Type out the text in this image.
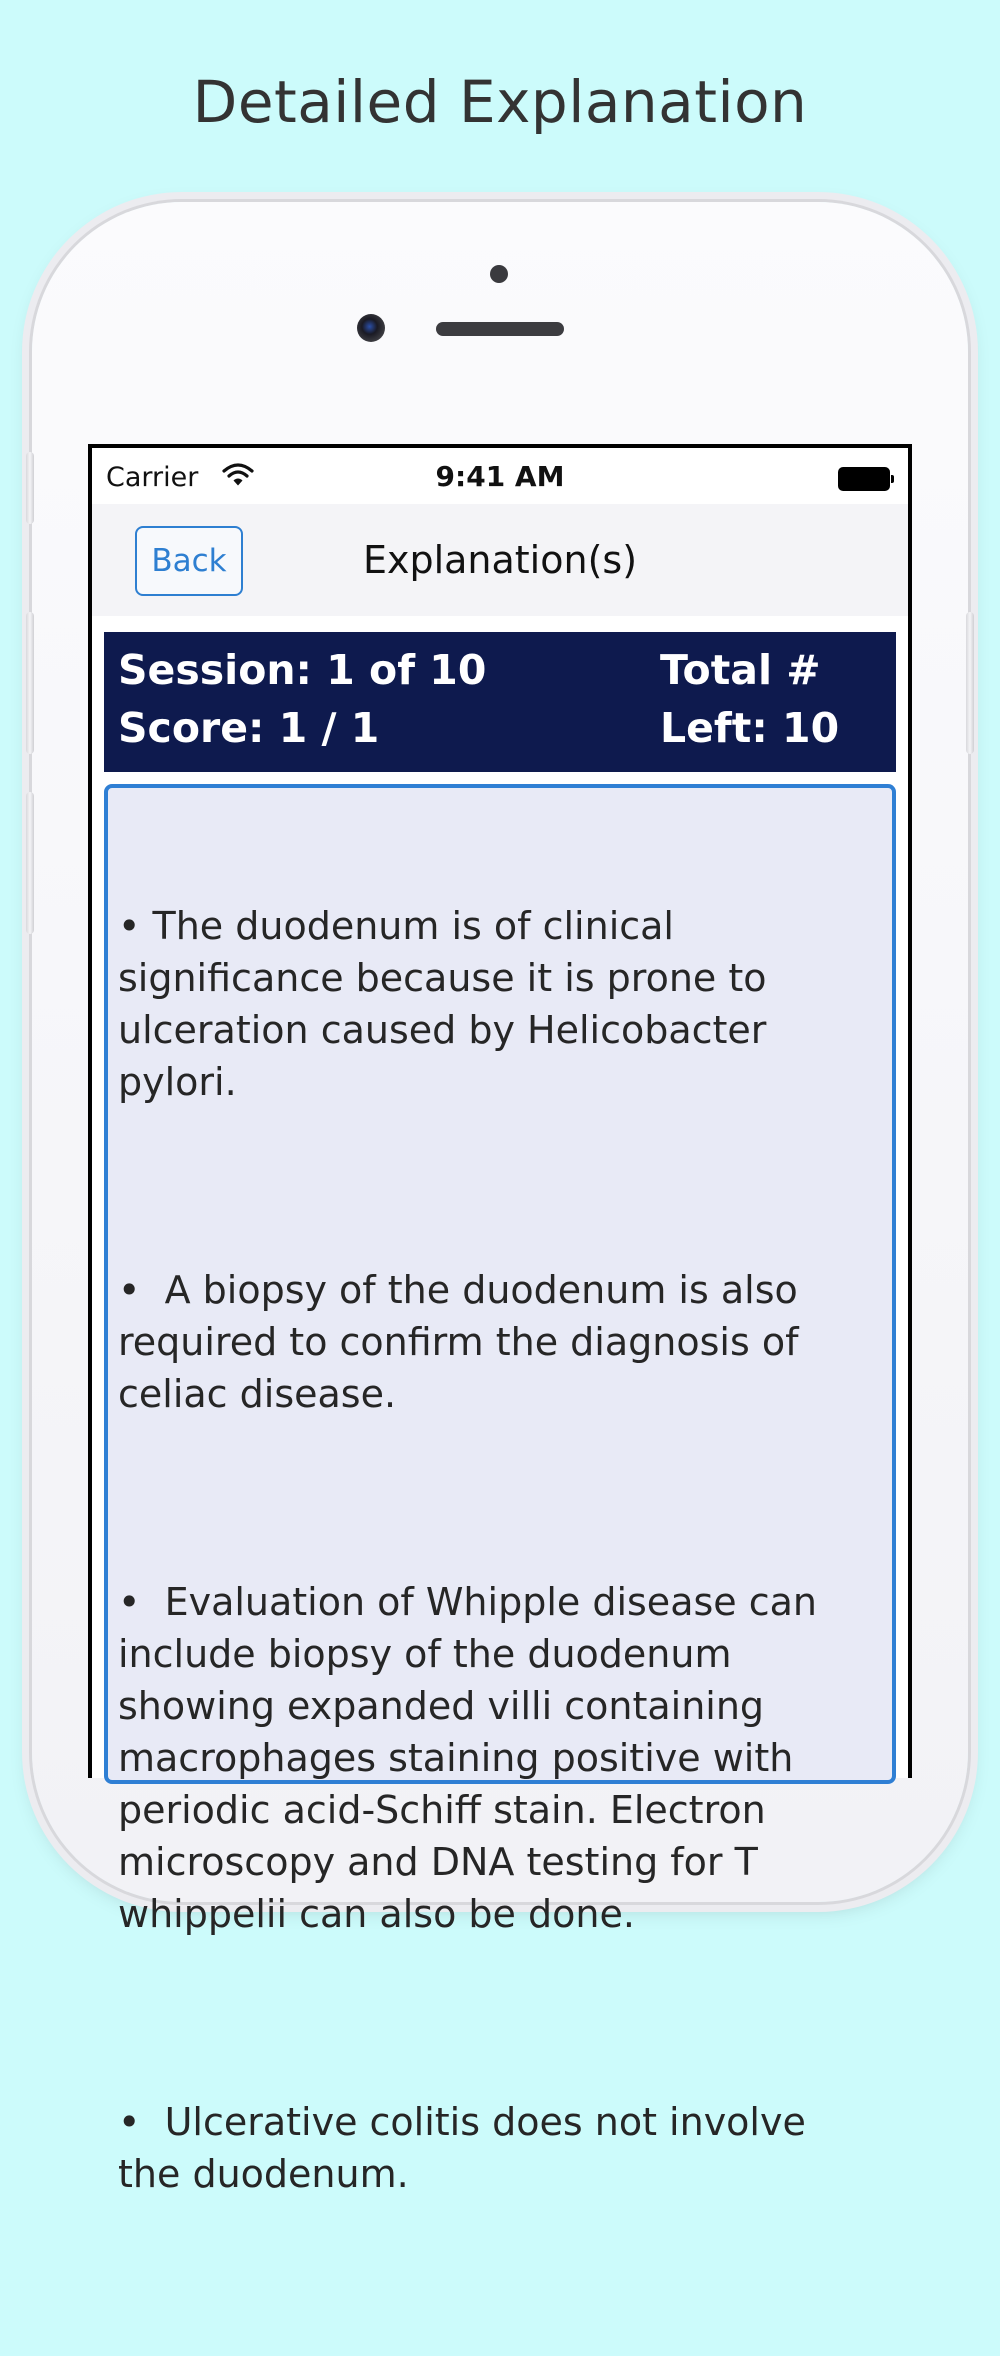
Detailed Explanation
Carrier	9:41 AM
Back	Explanation(s)
Session: 1 of 10
Score: 1 / 1
Total #
Left: 10

• The duodenum is of clinical significance because it is prone to ulceration caused by Helicobacter pylori.

•  A biopsy of the duodenum is also required to confirm the diagnosis of celiac disease.

•  Evaluation of Whipple disease can include biopsy of the duodenum showing expanded villi containing macrophages staining positive with periodic acid-Schiff stain. Electron microscopy and DNA testing for T whippelii can also be done.

•  Ulcerative colitis does not involve the duodenum.
